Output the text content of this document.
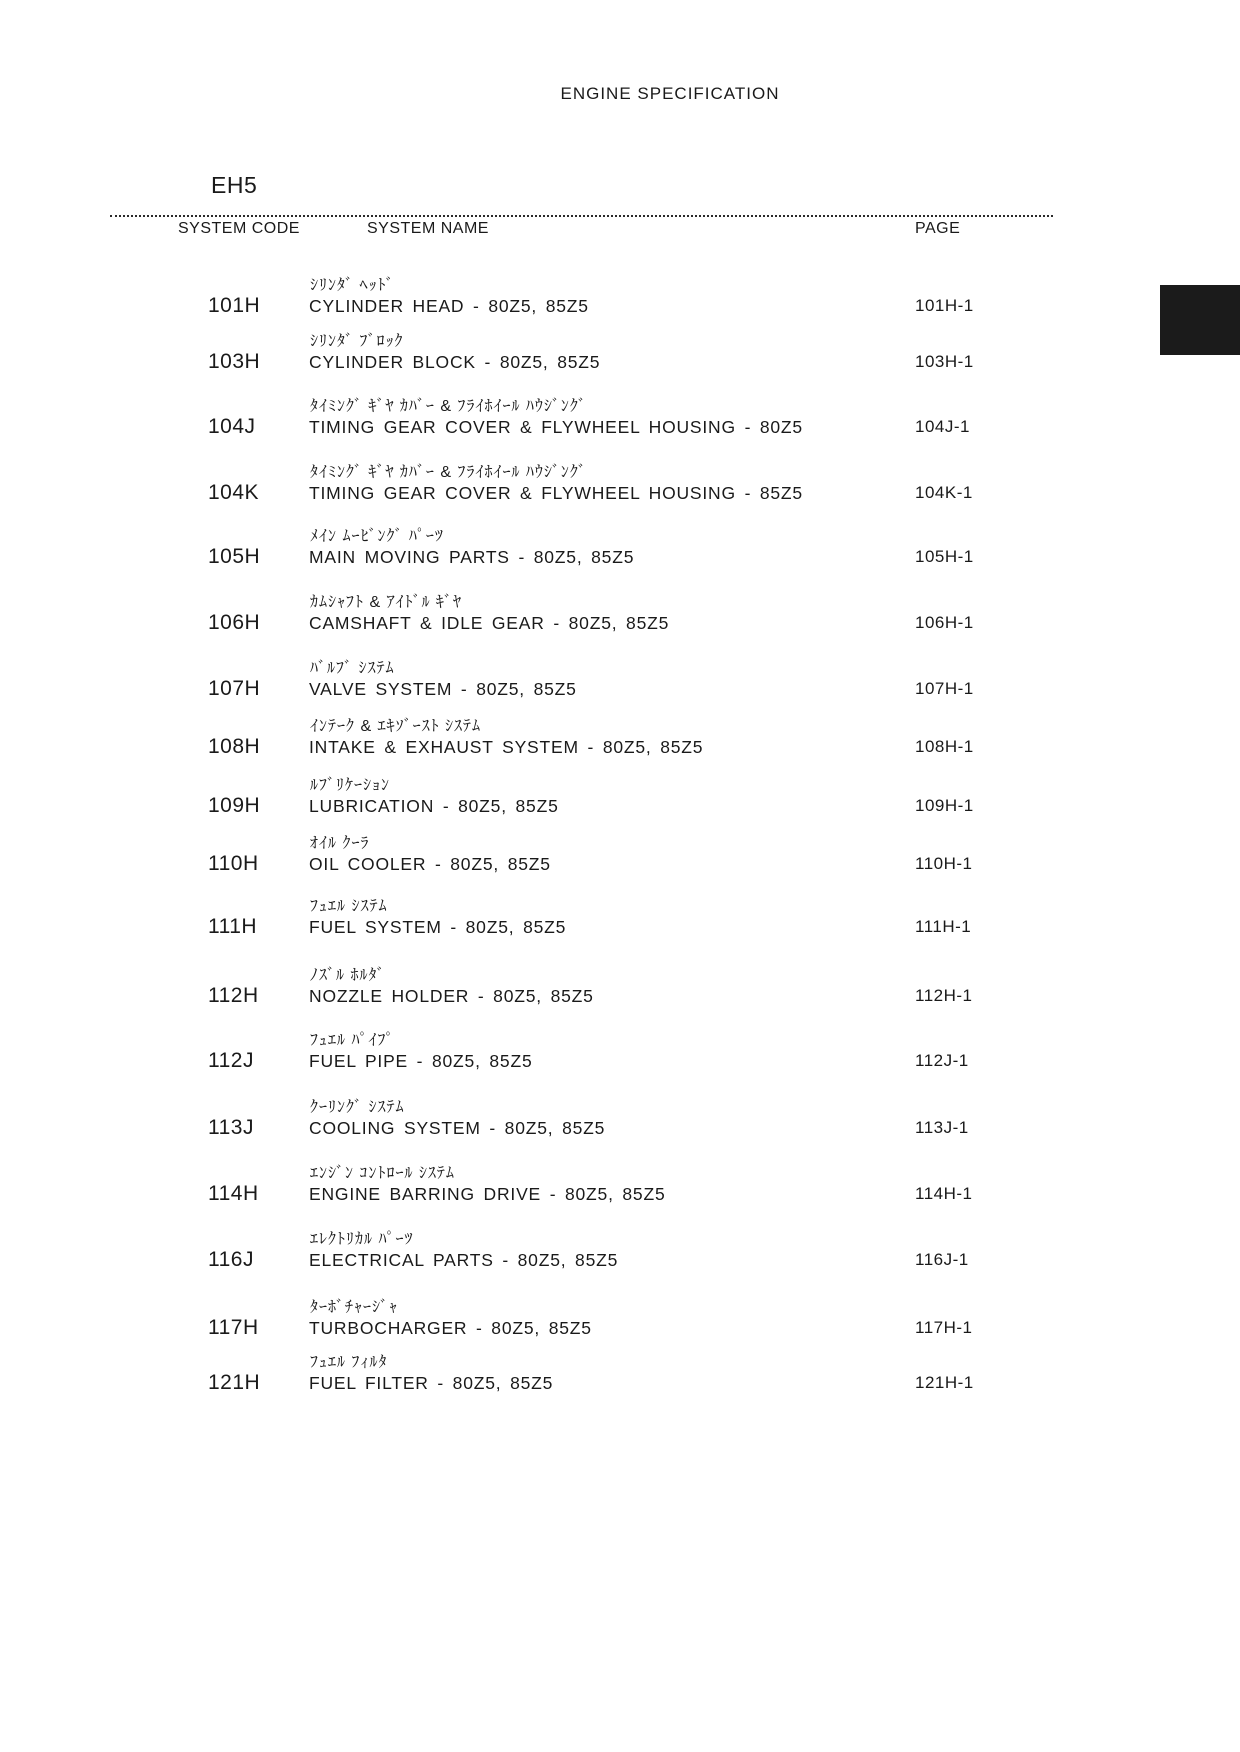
ENGINE SPECIFICATION
EH5
SYSTEM CODE	SYSTEM NAME	PAGE
ｼﾘﾝﾀﾞ ﾍｯﾄﾞ
101H	CYLINDER HEAD - 80Z5, 85Z5	101H-1
ｼﾘﾝﾀﾞ ﾌﾞﾛｯｸ
103H	CYLINDER BLOCK - 80Z5, 85Z5	103H-1
ﾀｲﾐﾝｸﾞ ｷﾞﾔ ｶﾊﾞｰ & ﾌﾗｲﾎｲｰﾙ ﾊｳｼﾞﾝｸﾞ
104J	TIMING GEAR COVER & FLYWHEEL HOUSING - 80Z5	104J-1
ﾀｲﾐﾝｸﾞ ｷﾞﾔ ｶﾊﾞｰ & ﾌﾗｲﾎｲｰﾙ ﾊｳｼﾞﾝｸﾞ
104K	TIMING GEAR COVER & FLYWHEEL HOUSING - 85Z5	104K-1
ﾒｲﾝ ﾑｰﾋﾞﾝｸﾞ ﾊﾟｰﾂ
105H	MAIN MOVING PARTS - 80Z5, 85Z5	105H-1
ｶﾑｼｬﾌﾄ & ｱｲﾄﾞﾙ ｷﾞﾔ
106H	CAMSHAFT & IDLE GEAR - 80Z5, 85Z5	106H-1
ﾊﾞﾙﾌﾞ ｼｽﾃﾑ
107H	VALVE SYSTEM - 80Z5, 85Z5	107H-1
ｲﾝﾃｰｸ & ｴｷｿﾞｰｽﾄ ｼｽﾃﾑ
108H	INTAKE & EXHAUST SYSTEM - 80Z5, 85Z5	108H-1
ﾙﾌﾞﾘｹｰｼｮﾝ
109H	LUBRICATION - 80Z5, 85Z5	109H-1
ｵｲﾙ ｸｰﾗ
110H	OIL COOLER - 80Z5, 85Z5	110H-1
ﾌｭｴﾙ ｼｽﾃﾑ
111H	FUEL SYSTEM - 80Z5, 85Z5	111H-1
ﾉｽﾞﾙ ﾎﾙﾀﾞ
112H	NOZZLE HOLDER - 80Z5, 85Z5	112H-1
ﾌｭｴﾙ ﾊﾟｲﾌﾟ
112J	FUEL PIPE - 80Z5, 85Z5	112J-1
ｸｰﾘﾝｸﾞ ｼｽﾃﾑ
113J	COOLING SYSTEM - 80Z5, 85Z5	113J-1
ｴﾝｼﾞﾝ ｺﾝﾄﾛｰﾙ ｼｽﾃﾑ
114H	ENGINE BARRING DRIVE - 80Z5, 85Z5	114H-1
ｴﾚｸﾄﾘｶﾙ ﾊﾟｰﾂ
116J	ELECTRICAL PARTS - 80Z5, 85Z5	116J-1
ﾀｰﾎﾞﾁｬｰｼﾞｬ
117H	TURBOCHARGER - 80Z5, 85Z5	117H-1
ﾌｭｴﾙ ﾌｨﾙﾀ
121H	FUEL FILTER - 80Z5, 85Z5	121H-1
